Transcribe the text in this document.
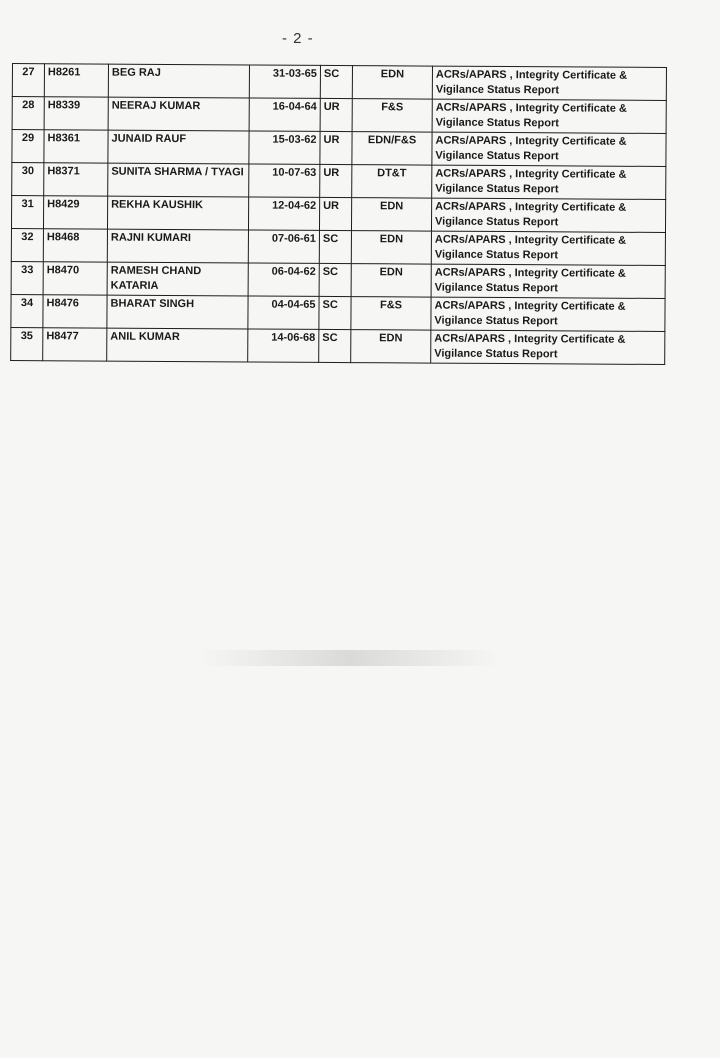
- 2 -
27	H8261	BEG RAJ	31-03-65	SC	EDN	ACRs/APARS , Integrity Certificate &
Vigilance Status Report

28	H8339	NEERAJ KUMAR	16-04-64	UR	F&S	ACRs/APARS , Integrity Certificate &
Vigilance Status Report

29	H8361	JUNAID RAUF	15-03-62	UR	EDN/F&S	ACRs/APARS , Integrity Certificate &
Vigilance Status Report

30	H8371	SUNITA SHARMA / TYAGI	10-07-63	UR	DT&T	ACRs/APARS , Integrity Certificate &
Vigilance Status Report

31	H8429	REKHA KAUSHIK	12-04-62	UR	EDN	ACRs/APARS , Integrity Certificate &
Vigilance Status Report

32	H8468	RAJNI KUMARI	07-06-61	SC	EDN	ACRs/APARS , Integrity Certificate &
Vigilance Status Report

33	H8470	RAMESH CHAND KATARIA	06-04-62	SC	EDN	ACRs/APARS , Integrity Certificate &
Vigilance Status Report

34	H8476	BHARAT SINGH	04-04-65	SC	F&S	ACRs/APARS , Integrity Certificate &
Vigilance Status Report

35	H8477	ANIL KUMAR	14-06-68	SC	EDN	ACRs/APARS , Integrity Certificate &
Vigilance Status Report
